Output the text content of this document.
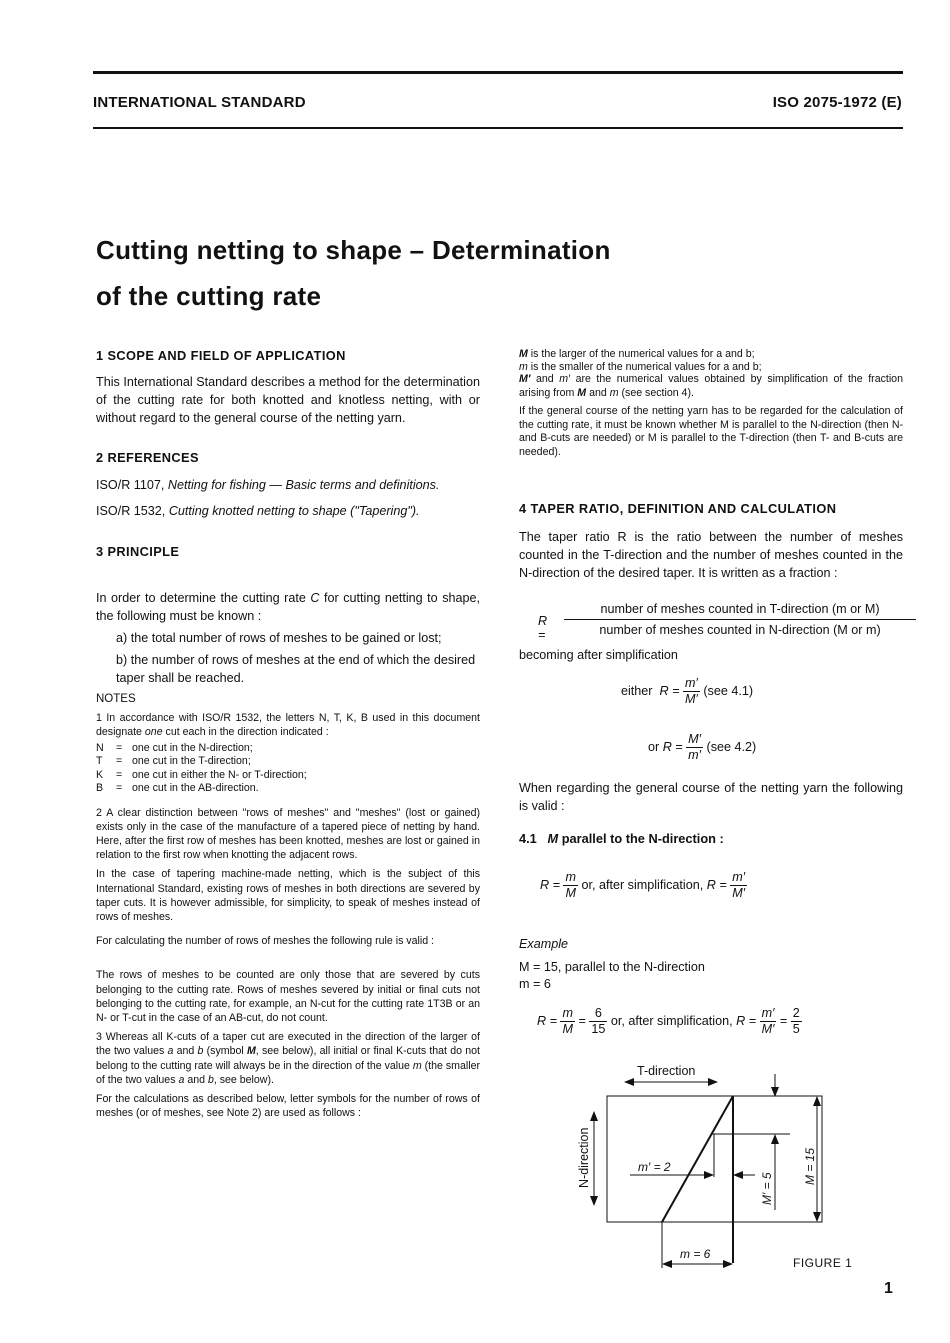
INTERNATIONAL STANDARD	ISO 2075-1972 (E)
Cutting netting to shape – Determination
of the cutting rate
1 SCOPE AND FIELD OF APPLICATION

This International Standard describes a method for the determination of the cutting rate for both knotted and knotless netting, with or without regard to the general course of the netting yarn.

2 REFERENCES

ISO/R 1107, Netting for fishing — Basic terms and definitions.

ISO/R 1532, Cutting knotted netting to shape ("Tapering").

3 PRINCIPLE

In order to determine the cutting rate C for cutting netting to shape, the following must be known :

a) the total number of rows of meshes to be gained or lost;

b) the number of rows of meshes at the end of which the desired taper shall be reached.

NOTES

1 In accordance with ISO/R 1532, the letters N, T, K, B used in this document designate one cut each in the direction indicated :

N	= one cut in the N-direction;
T	= one cut in the T-direction;
K	= one cut in either the N- or T-direction;
B	= one cut in the AB-direction.

2 A clear distinction between "rows of meshes" and "meshes" (lost or gained) exists only in the case of the manufacture of a tapered piece of netting by hand. Here, after the first row of meshes has been knotted, meshes are lost or gained in relation to the first row when knotting the adjacent rows.

In the case of tapering machine-made netting, which is the subject of this International Standard, existing rows of meshes in both directions are severed by taper cuts. It is however admissible, for simplicity, to speak of meshes instead of rows of meshes.

For calculating the number of rows of meshes the following rule is valid :

The rows of meshes to be counted are only those that are severed by cuts belonging to the cutting rate. Rows of meshes severed by initial or final cuts not belonging to the cutting rate, for example, an N-cut for the cutting rate 1T3B or an N- or T-cut in the case of an AB-cut, do not count.

3 Whereas all K-cuts of a taper cut are executed in the direction of the larger of the two values a and b (symbol M, see below), all initial or final K-cuts that do not belong to the cutting rate will always be in the direction of the value m (the smaller of the two values a and b, see below).

For the calculations as described below, letter symbols for the number of rows of meshes (or of meshes, see Note 2) are used as follows :

M is the larger of the numerical values for a and b;

m is the smaller of the numerical values for a and b;

M′ and m′ are the numerical values obtained by simplification of the fraction arising from M and m (see section 4).

If the general course of the netting yarn has to be regarded for the calculation of the cutting rate, it must be known whether M is parallel to the N-direction (then N- and B-cuts are needed) or M is parallel to the T-direction (then T- and B-cuts are needed).

4 TAPER RATIO, DEFINITION AND CALCULATION

The taper ratio R is the ratio between the number of meshes counted in the T-direction and the number of meshes counted in the N-direction of the desired taper. It is written as a fraction :

R =
number of meshes counted in T-direction (m or M)
number of meshes counted in N-direction (M or m)
becoming after simplification
either $R = \frac{m'}{M'} (see$ 4.1)
or $R = \frac{M'}{m'} (see$ 4.2)
When regarding the general course of the netting yarn the following is valid :
4.1 M parallel to the N-direction :
$R = \frac{m}{M}$ or, after simplification, $R = \frac{m'}{M'}$
Example
M = 15, parallel to the N-direction
m = 6
$R = \frac{m}{M} = \frac{6}{15}$ or, after simplification, $R = \frac{m'}{M'} = \frac{2}{5}$
m′ = 2
T-direction
N-direction
M′ = 5
M = 15
m = 6
FIGURE 1
1
